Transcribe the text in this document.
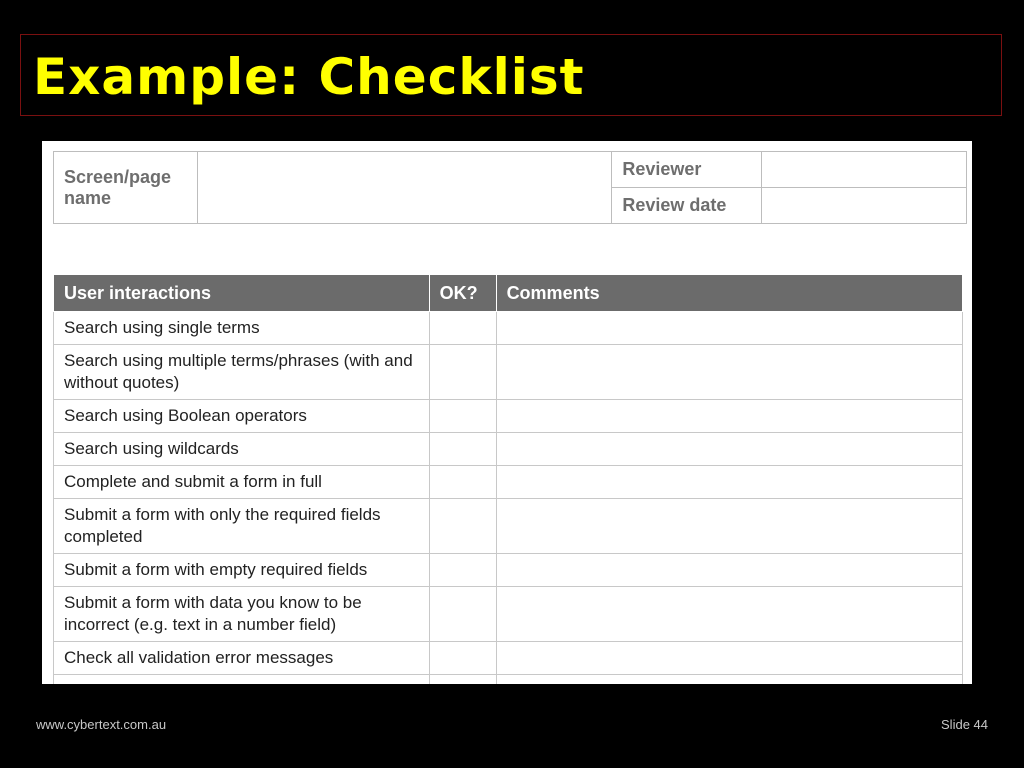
Example: Checklist
Screen/page name		Reviewer	
		Review date	
User interactions	OK?	Comments
Search using single terms		
Search using multiple terms/phrases (with and without quotes)		
Search using Boolean operators		
Search using wildcards		
Complete and submit a form in full		
Submit a form with only the required fields completed		
Submit a form with empty required fields		
Submit a form with data you know to be incorrect (e.g. text in a number field)		
Check all validation error messages		

www.cybertext.com.au	Slide 44
